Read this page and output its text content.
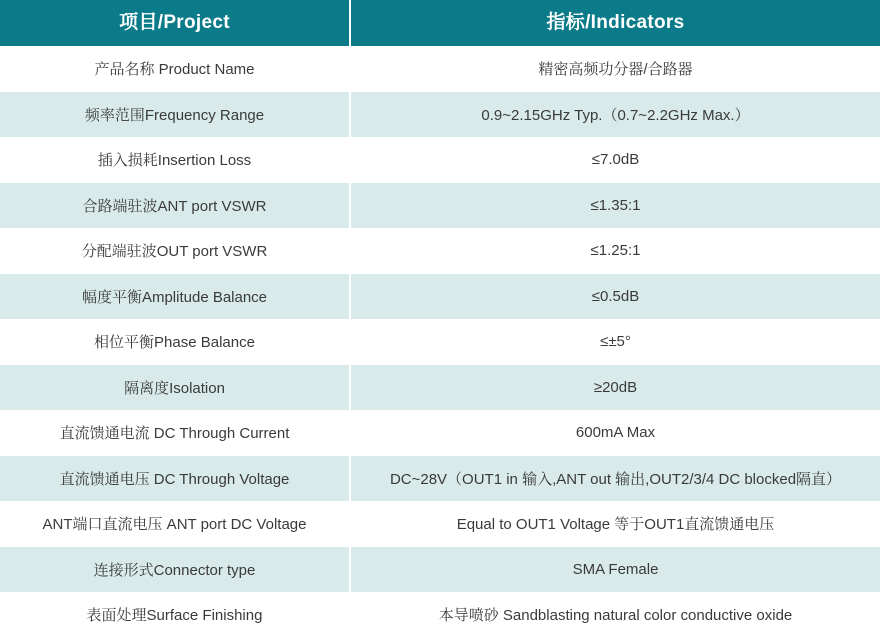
项目/Project	指标/Indicators
产品名称 Product Name	精密高频功分器/合路器
频率范围Frequency Range	0.9~2.15GHz Typ.（0.7~2.2GHz Max.）
插入损耗Insertion Loss	≤7.0dB
合路端驻波ANT port VSWR	≤1.35:1
分配端驻波OUT port VSWR	≤1.25:1
幅度平衡Amplitude Balance	≤0.5dB
相位平衡Phase Balance	≤±5°
隔离度Isolation	≥20dB
直流馈通电流 DC Through Current	600mA Max
直流馈通电压 DC Through Voltage	DC~28V（OUT1 in 输入,ANT out 输出,OUT2/3/4 DC blocked隔直）
ANT端口直流电压 ANT port DC Voltage	Equal to OUT1 Voltage 等于OUT1直流馈通电压
连接形式Connector type	SMA Female
表面处理Surface Finishing	本导喷砂 Sandblasting natural color conductive oxide
